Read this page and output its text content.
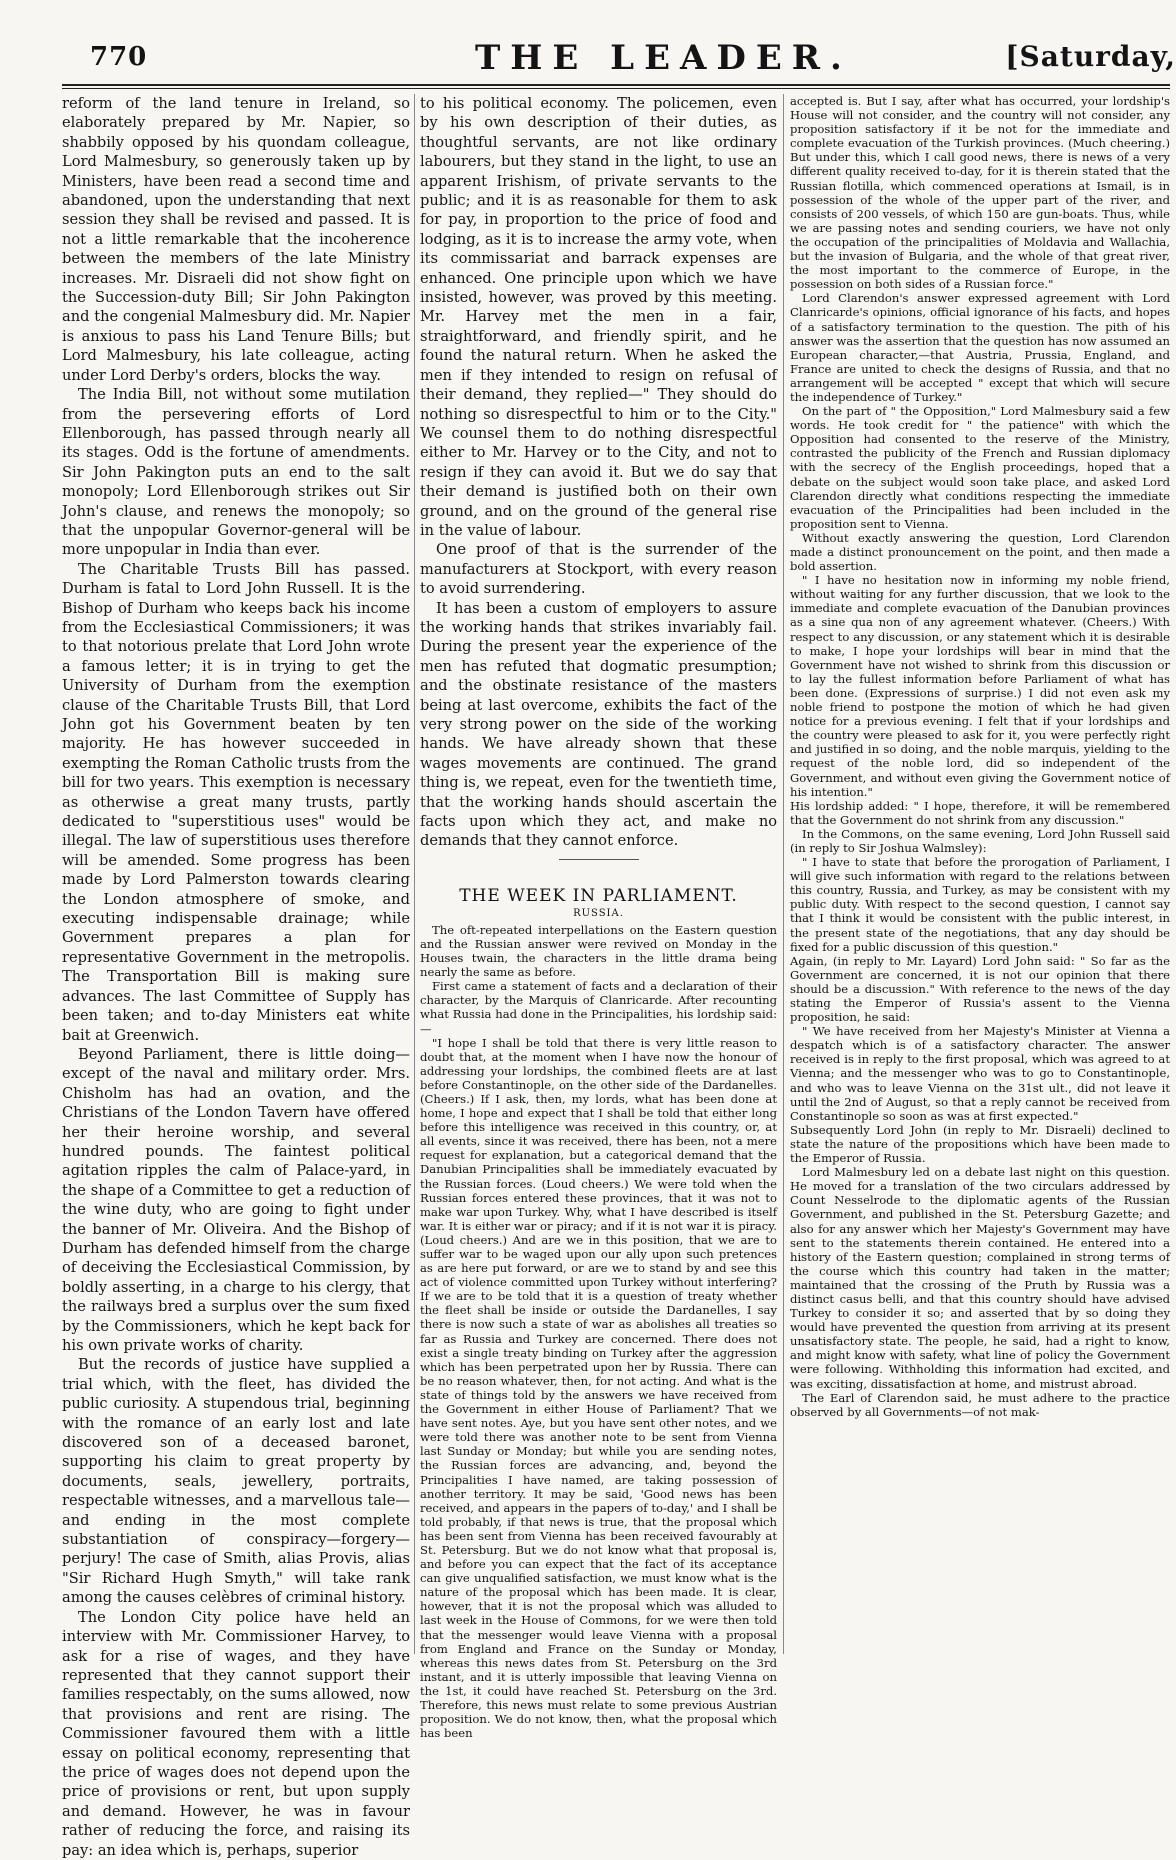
770	THE LEADER.	[Saturday,

reform of the land tenure in Ireland, so elaborately prepared by Mr. Napier, so shabbily opposed by his quondam colleague, Lord Malmesbury, so generously taken up by Ministers, have been read a second time and abandoned, upon the understanding that next session they shall be revised and passed. It is not a little remarkable that the incoherence between the members of the late Ministry increases. Mr. Disraeli did not show fight on the Succession-duty Bill; Sir John Pakington and the congenial Malmesbury did. Mr. Napier is anxious to pass his Land Tenure Bills; but Lord Malmesbury, his late colleague, acting under Lord Derby's orders, blocks the way.

The India Bill, not without some mutilation from the persevering efforts of Lord Ellenborough, has passed through nearly all its stages. Odd is the fortune of amendments. Sir John Pakington puts an end to the salt monopoly; Lord Ellenborough strikes out Sir John's clause, and renews the monopoly; so that the unpopular Governor-general will be more unpopular in India than ever.

The Charitable Trusts Bill has passed. Durham is fatal to Lord John Russell. It is the Bishop of Durham who keeps back his income from the Ecclesiastical Commissioners; it was to that notorious prelate that Lord John wrote a famous letter; it is in trying to get the University of Durham from the exemption clause of the Charitable Trusts Bill, that Lord John got his Government beaten by ten majority. He has however succeeded in exempting the Roman Catholic trusts from the bill for two years. This exemption is necessary as otherwise a great many trusts, partly dedicated to "superstitious uses" would be illegal. The law of superstitious uses therefore will be amended. Some progress has been made by Lord Palmerston towards clearing the London atmosphere of smoke, and executing indispensable drainage; while Government prepares a plan for representative Government in the metropolis. The Transportation Bill is making sure advances. The last Committee of Supply has been taken; and to-day Ministers eat white bait at Greenwich.

Beyond Parliament, there is little doing—except of the naval and military order. Mrs. Chisholm has had an ovation, and the Christians of the London Tavern have offered her their heroine worship, and several hundred pounds. The faintest political agitation ripples the calm of Palace-yard, in the shape of a Committee to get a reduction of the wine duty, who are going to fight under the banner of Mr. Oliveira. And the Bishop of Durham has defended himself from the charge of deceiving the Ecclesiastical Commission, by boldly asserting, in a charge to his clergy, that the railways bred a surplus over the sum fixed by the Commissioners, which he kept back for his own private works of charity.

But the records of justice have supplied a trial which, with the fleet, has divided the public curiosity. A stupendous trial, beginning with the romance of an early lost and late discovered son of a deceased baronet, supporting his claim to great property by documents, seals, jewellery, portraits, respectable witnesses, and a marvellous tale—and ending in the most complete substantiation of conspiracy—forgery—perjury! The case of Smith, alias Provis, alias "Sir Richard Hugh Smyth," will take rank among the causes celèbres of criminal history.

The London City police have held an interview with Mr. Commissioner Harvey, to ask for a rise of wages, and they have represented that they cannot support their families respectably, on the sums allowed, now that provisions and rent are rising. The Commissioner favoured them with a little essay on political economy, representing that the price of wages does not depend upon the price of provisions or rent, but upon supply and demand. However, he was in favour rather of reducing the force, and raising its pay: an idea which is, perhaps, superior

to his political economy. The policemen, even by his own description of their duties, as thoughtful servants, are not like ordinary labourers, but they stand in the light, to use an apparent Irishism, of private servants to the public; and it is as reasonable for them to ask for pay, in proportion to the price of food and lodging, as it is to increase the army vote, when its commissariat and barrack expenses are enhanced. One principle upon which we have insisted, however, was proved by this meeting. Mr. Harvey met the men in a fair, straightforward, and friendly spirit, and he found the natural return. When he asked the men if they intended to resign on refusal of their demand, they replied—" They should do nothing so disrespectful to him or to the City." We counsel them to do nothing disrespectful either to Mr. Harvey or to the City, and not to resign if they can avoid it. But we do say that their demand is justified both on their own ground, and on the ground of the general rise in the value of labour.

One proof of that is the surrender of the manufacturers at Stockport, with every reason to avoid surrendering.

It has been a custom of employers to assure the working hands that strikes invariably fail. During the present year the experience of the men has refuted that dogmatic presumption; and the obstinate resistance of the masters being at last overcome, exhibits the fact of the very strong power on the side of the working hands. We have already shown that these wages movements are continued. The grand thing is, we repeat, even for the twentieth time, that the working hands should ascertain the facts upon which they act, and make no demands that they cannot enforce.

THE WEEK IN PARLIAMENT.
RUSSIA.

The oft-repeated interpellations on the Eastern question and the Russian answer were revived on Monday in the Houses twain, the characters in the little drama being nearly the same as before.

First came a statement of facts and a declaration of their character, by the Marquis of Clanricarde. After recounting what Russia had done in the Principalities, his lordship said:—

"I hope I shall be told that there is very little reason to doubt that, at the moment when I have now the honour of addressing your lordships, the combined fleets are at last before Constantinople, on the other side of the Dardanelles. (Cheers.) If I ask, then, my lords, what has been done at home, I hope and expect that I shall be told that either long before this intelligence was received in this country, or, at all events, since it was received, there has been, not a mere request for explanation, but a categorical demand that the Danubian Principalities shall be immediately evacuated by the Russian forces. (Loud cheers.) We were told when the Russian forces entered these provinces, that it was not to make war upon Turkey. Why, what I have described is itself war. It is either war or piracy; and if it is not war it is piracy. (Loud cheers.) And are we in this position, that we are to suffer war to be waged upon our ally upon such pretences as are here put forward, or are we to stand by and see this act of violence committed upon Turkey without interfering? If we are to be told that it is a question of treaty whether the fleet shall be inside or outside the Dardanelles, I say there is now such a state of war as abolishes all treaties so far as Russia and Turkey are concerned. There does not exist a single treaty binding on Turkey after the aggression which has been perpetrated upon her by Russia. There can be no reason whatever, then, for not acting. And what is the state of things told by the answers we have received from the Government in either House of Parliament? That we have sent notes. Aye, but you have sent other notes, and we were told there was another note to be sent from Vienna last Sunday or Monday; but while you are sending notes, the Russian forces are advancing, and, beyond the Principalities I have named, are taking possession of another territory. It may be said, 'Good news has been received, and appears in the papers of to-day,' and I shall be told probably, if that news is true, that the proposal which has been sent from Vienna has been received favourably at St. Petersburg. But we do not know what that proposal is, and before you can expect that the fact of its acceptance can give unqualified satisfaction, we must know what is the nature of the proposal which has been made. It is clear, however, that it is not the proposal which was alluded to last week in the House of Commons, for we were then told that the messenger would leave Vienna with a proposal from England and France on the Sunday or Monday, whereas this news dates from St. Petersburg on the 3rd instant, and it is utterly impossible that leaving Vienna on the 1st, it could have reached St. Petersburg on the 3rd. Therefore, this news must relate to some previous Austrian proposition. We do not know, then, what the proposal which has been
accepted is. But I say, after what has occurred, your lordship's House will not consider, and the country will not consider, any proposition satisfactory if it be not for the immediate and complete evacuation of the Turkish provinces. (Much cheering.) But under this, which I call good news, there is news of a very different quality received to-day, for it is therein stated that the Russian flotilla, which commenced operations at Ismail, is in possession of the whole of the upper part of the river, and consists of 200 vessels, of which 150 are gun-boats. Thus, while we are passing notes and sending couriers, we have not only the occupation of the principalities of Moldavia and Wallachia, but the invasion of Bulgaria, and the whole of that great river, the most important to the commerce of Europe, in the possession on both sides of a Russian force."

Lord Clarendon's answer expressed agreement with Lord Clanricarde's opinions, official ignorance of his facts, and hopes of a satisfactory termination to the question. The pith of his answer was the assertion that the question has now assumed an European character,—that Austria, Prussia, England, and France are united to check the designs of Russia, and that no arrangement will be accepted " except that which will secure the independence of Turkey."

On the part of " the Opposition," Lord Malmesbury said a few words. He took credit for " the patience" with which the Opposition had consented to the reserve of the Ministry, contrasted the publicity of the French and Russian diplomacy with the secrecy of the English proceedings, hoped that a debate on the subject would soon take place, and asked Lord Clarendon directly what conditions respecting the immediate evacuation of the Principalities had been included in the proposition sent to Vienna.

Without exactly answering the question, Lord Clarendon made a distinct pronouncement on the point, and then made a bold assertion.

" I have no hesitation now in informing my noble friend, without waiting for any further discussion, that we look to the immediate and complete evacuation of the Danubian provinces as a sine qua non of any agreement whatever. (Cheers.) With respect to any discussion, or any statement which it is desirable to make, I hope your lordships will bear in mind that the Government have not wished to shrink from this discussion or to lay the fullest information before Parliament of what has been done. (Expressions of surprise.) I did not even ask my noble friend to postpone the motion of which he had given notice for a previous evening. I felt that if your lordships and the country were pleased to ask for it, you were perfectly right and justified in so doing, and the noble marquis, yielding to the request of the noble lord, did so independent of the Government, and without even giving the Government notice of his intention."

His lordship added: " I hope, therefore, it will be remembered that the Government do not shrink from any discussion."

In the Commons, on the same evening, Lord John Russell said (in reply to Sir Joshua Walmsley):

" I have to state that before the prorogation of Parliament, I will give such information with regard to the relations between this country, Russia, and Turkey, as may be consistent with my public duty. With respect to the second question, I cannot say that I think it would be consistent with the public interest, in the present state of the negotiations, that any day should be fixed for a public discussion of this question."

Again, (in reply to Mr. Layard) Lord John said: " So far as the Government are concerned, it is not our opinion that there should be a discussion." With reference to the news of the day stating the Emperor of Russia's assent to the Vienna proposition, he said:

" We have received from her Majesty's Minister at Vienna a despatch which is of a satisfactory character. The answer received is in reply to the first proposal, which was agreed to at Vienna; and the messenger who was to go to Constantinople, and who was to leave Vienna on the 31st ult., did not leave it until the 2nd of August, so that a reply cannot be received from Constantinople so soon as was at first expected."

Subsequently Lord John (in reply to Mr. Disraeli) declined to state the nature of the propositions which have been made to the Emperor of Russia.

Lord Malmesbury led on a debate last night on this question. He moved for a translation of the two circulars addressed by Count Nesselrode to the diplomatic agents of the Russian Government, and published in the St. Petersburg Gazette; and also for any answer which her Majesty's Government may have sent to the statements therein contained. He entered into a history of the Eastern question; complained in strong terms of the course which this country had taken in the matter; maintained that the crossing of the Pruth by Russia was a distinct casus belli, and that this country should have advised Turkey to consider it so; and asserted that by so doing they would have prevented the question from arriving at its present unsatisfactory state. The people, he said, had a right to know, and might know with safety, what line of policy the Government were following. Withholding this information had excited, and was exciting, dissatisfaction at home, and mistrust abroad.

The Earl of Clarendon said, he must adhere to the practice observed by all Governments—of not mak-
